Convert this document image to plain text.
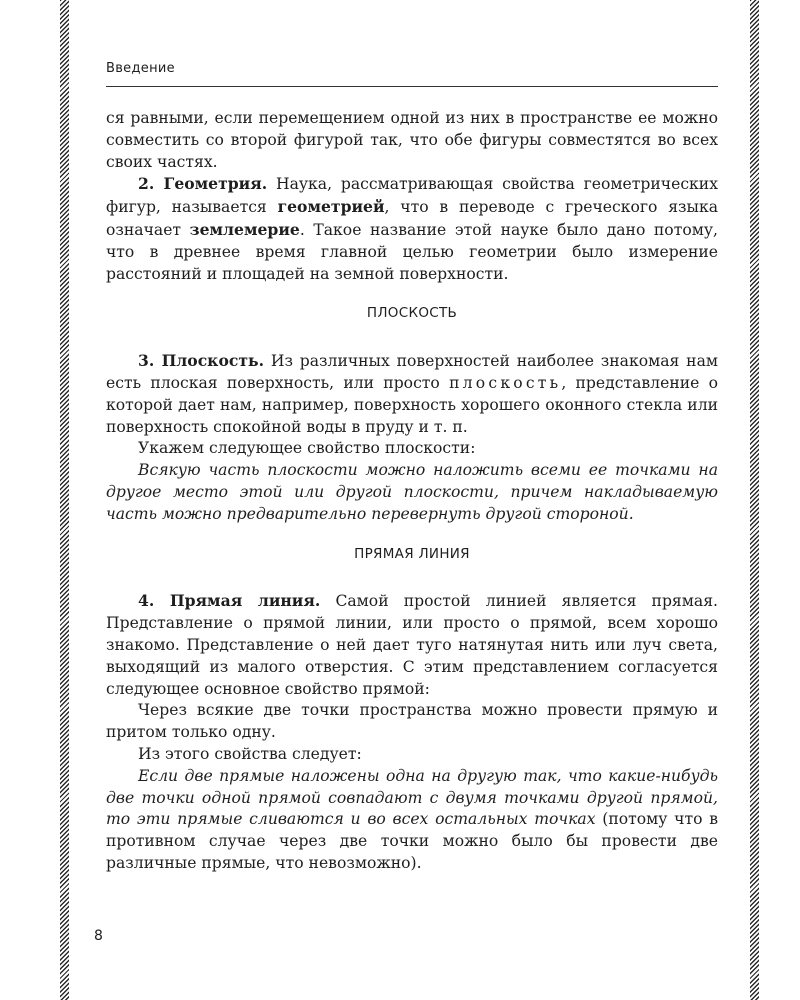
Введение

ся равными, если перемещением одной из них в пространстве ее можно совместить со второй фигурой так, что обе фигуры совместятся во всех своих частях.

2. Геометрия. Наука, рассматривающая свойства геометрических фигур, называется геометрией, что в переводе с греческого языка означает землемерие. Такое название этой науке было дано потому, что в древнее время главной целью геометрии было измерение расстояний и площадей на земной поверхности.

ПЛОСКОСТЬ

3. Плоскость. Из различных поверхностей наиболее знакомая нам есть плоская поверхность, или просто плоскость, представление о которой дает нам, например, поверхность хорошего оконного стекла или поверхность спокойной воды в пруду и т. п.

Укажем следующее свойство плоскости:

Всякую часть плоскости можно наложить всеми ее точками на другое место этой или другой плоскости, причем накладываемую часть можно предварительно перевернуть другой стороной.

ПРЯМАЯ ЛИНИЯ

4. Прямая линия. Самой простой линией является прямая. Представление о прямой линии, или просто о прямой, всем хорошо знакомо. Представление о ней дает туго натянутая нить или луч света, выходящий из малого отверстия. С этим представлением согласуется следующее основное свойство прямой:

Через всякие две точки пространства можно провести прямую и притом только одну.

Из этого свойства следует:

Если две прямые наложены одна на другую так, что какие-нибудь две точки одной прямой совпадают с двумя точками другой прямой, то эти прямые сливаются и во всех остальных точках (потому что в противном случае через две точки можно было бы провести две различные прямые, что невозможно).

8
